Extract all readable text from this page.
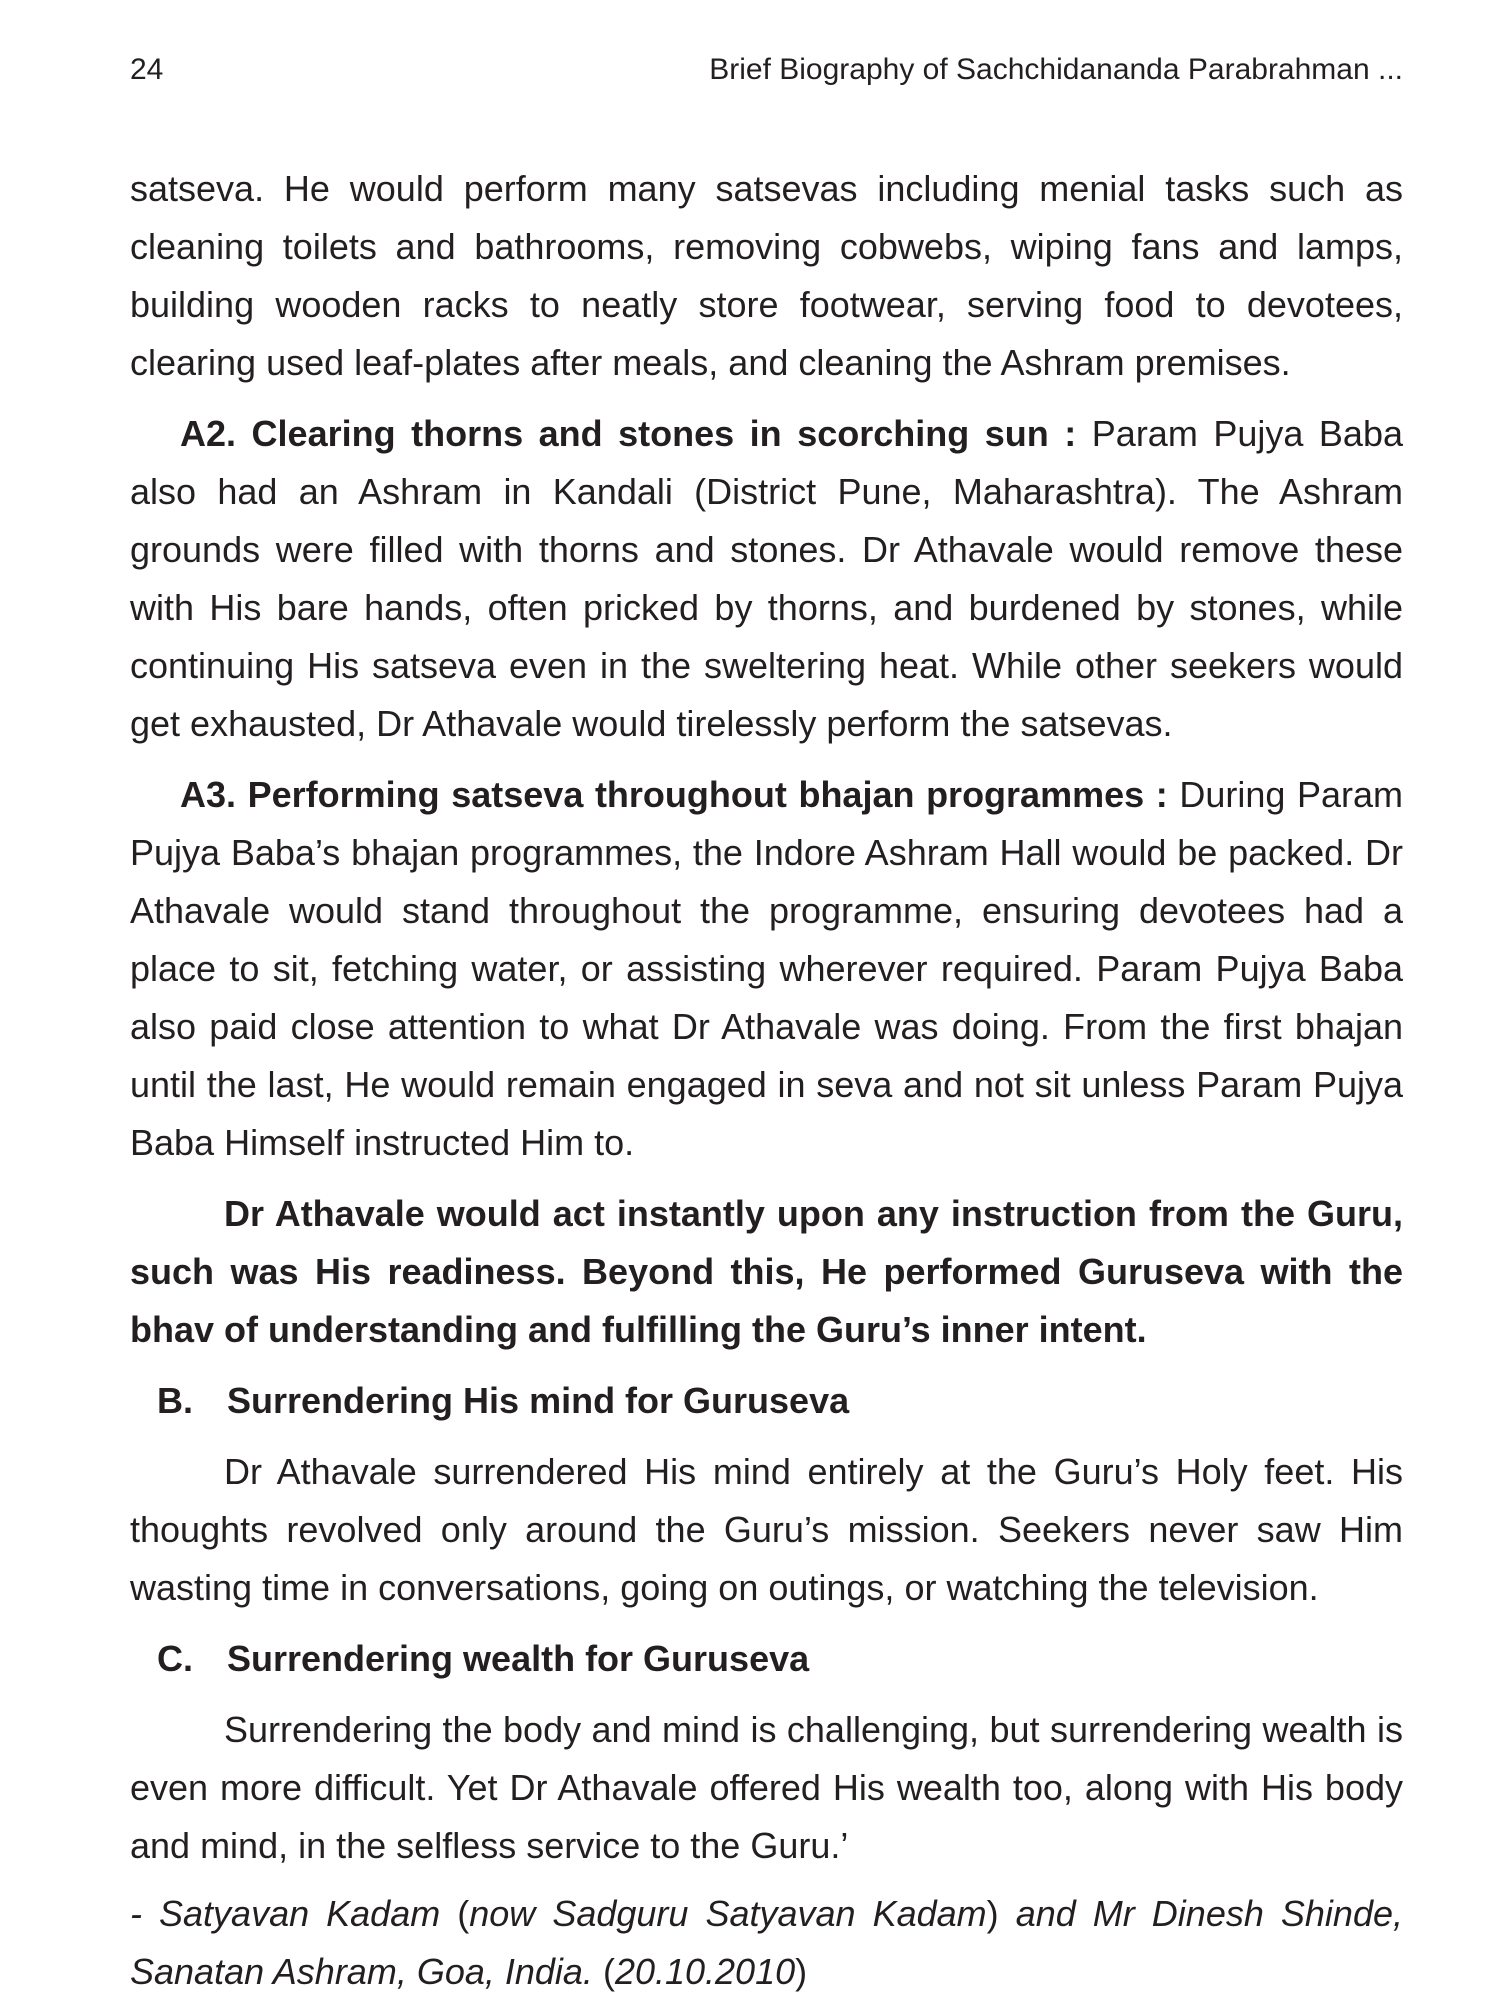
24	Brief Biography of Sachchidananda Parabrahman ...

satseva. He would perform many satsevas including menial tasks such as cleaning toilets and bathrooms, removing cobwebs, wiping fans and lamps, building wooden racks to neatly store footwear, serving food to devotees, clearing used leaf-plates after meals, and cleaning the Ashram premises.

A2. Clearing thorns and stones in scorching sun : Param Pujya Baba also had an Ashram in Kandali (District Pune, Maharashtra). The Ashram grounds were filled with thorns and stones. Dr Athavale would remove these with His bare hands, often pricked by thorns, and burdened by stones, while continuing His satseva even in the sweltering heat. While other seekers would get exhausted, Dr Athavale would tirelessly perform the satsevas.

A3. Performing satseva throughout bhajan programmes : During Param Pujya Baba’s bhajan programmes, the Indore Ashram Hall would be packed. Dr Athavale would stand throughout the programme, ensuring devotees had a place to sit, fetching water, or assisting wherever required. Param Pujya Baba also paid close attention to what Dr Athavale was doing. From the first bhajan until the last, He would remain engaged in seva and not sit unless Param Pujya Baba Himself instructed Him to.

Dr Athavale would act instantly upon any instruction from the Guru, such was His readiness. Beyond this, He performed Guruseva with the bhav of understanding and fulfilling the Guru’s inner intent.

B. Surrendering His mind for Guruseva

Dr Athavale surrendered His mind entirely at the Guru’s Holy feet. His thoughts revolved only around the Guru’s mission. Seekers never saw Him wasting time in conversations, going on outings, or watching the television.

C. Surrendering wealth for Guruseva

Surrendering the body and mind is challenging, but surrendering wealth is even more difficult. Yet Dr Athavale offered His wealth too, along with His body and mind, in the selfless service to the Guru.’

- Satyavan Kadam (now Sadguru Satyavan Kadam) and Mr Dinesh Shinde, Sanatan Ashram, Goa, India. (20.10.2010)
